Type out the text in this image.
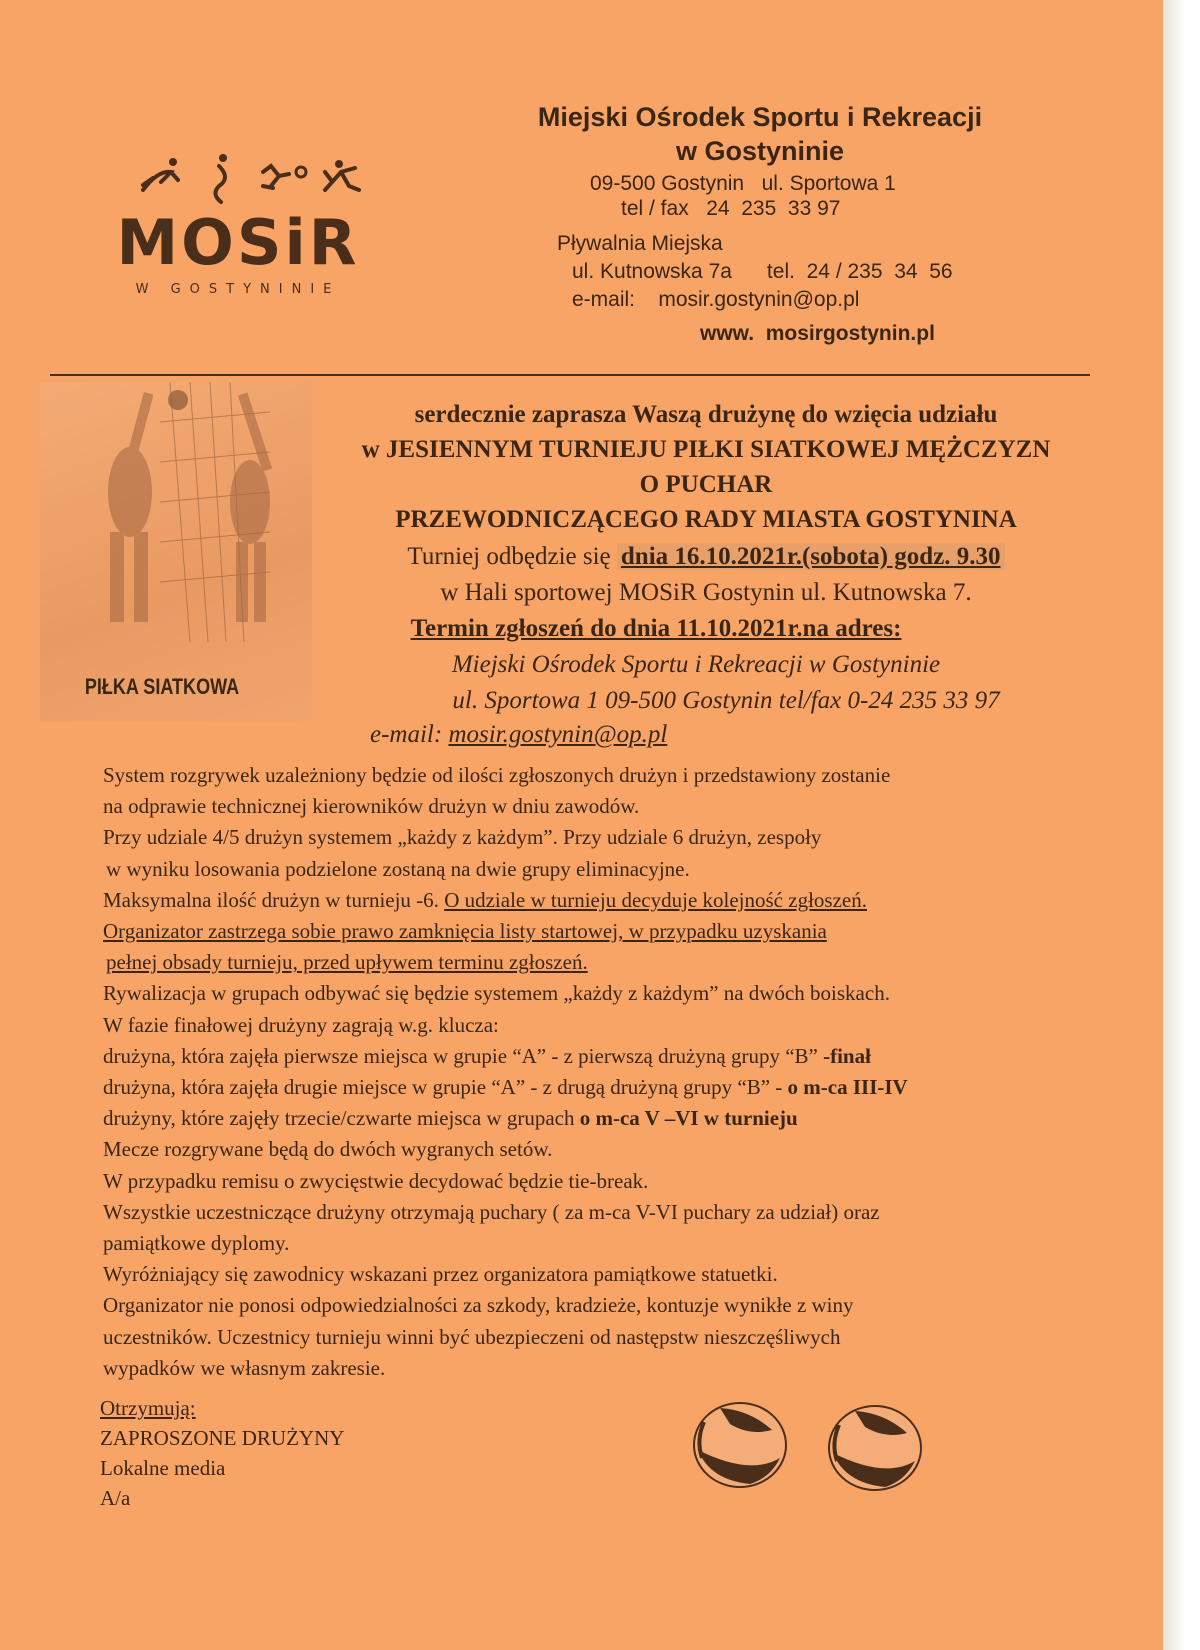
MOSiR
W GOSTYNINIE
Miejski Ośrodek Sportu i Rekreacji
w Gostyninie
09-500 Gostynin   ul. Sportowa 1
tel / fax   24  235  33 97
Pływalnia Miejska
ul. Kutnowska 7a      tel.  24 / 235  34  56
e-mail:    mosir.gostynin@op.pl
www.  mosirgostynin.pl
PIŁKA SIATKOWA
serdecznie zaprasza Waszą drużynę do wzięcia udziału
w JESIENNYM TURNIEJU PIŁKI SIATKOWEJ MĘŻCZYZN
O PUCHAR
PRZEWODNICZĄCEGO RADY MIASTA GOSTYNINA
Turniej odbędzie się dnia 16.10.2021r.(sobota) godz. 9.30
w Hali sportowej MOSiR Gostynin ul. Kutnowska 7.
Termin zgłoszeń do dnia 11.10.2021r.na adres:
Miejski Ośrodek Sportu i Rekreacji w Gostyninie
ul. Sportowa 1 09-500 Gostynin tel/fax 0-24 235 33 97
e-mail: mosir.gostynin@op.pl

System rozgrywek uzależniony będzie od ilości zgłoszonych drużyn i przedstawiony zostanie

na odprawie technicznej kierowników drużyn w dniu zawodów.

Przy udziale 4/5 drużyn systemem „każdy z każdym”. Przy udziale 6 drużyn, zespoły

w wyniku losowania podzielone zostaną na dwie grupy eliminacyjne.

Maksymalna ilość drużyn w turnieju -6. O udziale w turnieju decyduje kolejność zgłoszeń.

Organizator zastrzega sobie prawo zamknięcia listy startowej, w przypadku uzyskania

pełnej obsady turnieju, przed upływem terminu zgłoszeń.

Rywalizacja w grupach odbywać się będzie systemem „każdy z każdym” na dwóch boiskach.

W fazie finałowej drużyny zagrają w.g. klucza:

drużyna, która zajęła pierwsze miejsca w grupie “A” - z pierwszą drużyną grupy “B” -finał

drużyna, która zajęła drugie miejsce w grupie “A” - z drugą drużyną grupy “B” - o m-ca III-IV

drużyny, które zajęły trzecie/czwarte miejsca w grupach o m-ca V –VI w turnieju

Mecze rozgrywane będą do dwóch wygranych setów.

W przypadku remisu o zwycięstwie decydować będzie tie-break.

Wszystkie uczestniczące drużyny otrzymają puchary ( za m-ca V-VI puchary za udział) oraz

pamiątkowe dyplomy.

Wyróżniający się zawodnicy wskazani przez organizatora pamiątkowe statuetki.

Organizator nie ponosi odpowiedzialności za szkody, kradzieże, kontuzje wynikłe z winy

uczestników. Uczestnicy turnieju winni być ubezpieczeni od następstw nieszczęśliwych

wypadków we własnym zakresie.

Otrzymują:

ZAPROSZONE DRUŻYNY

Lokalne media

A/a
